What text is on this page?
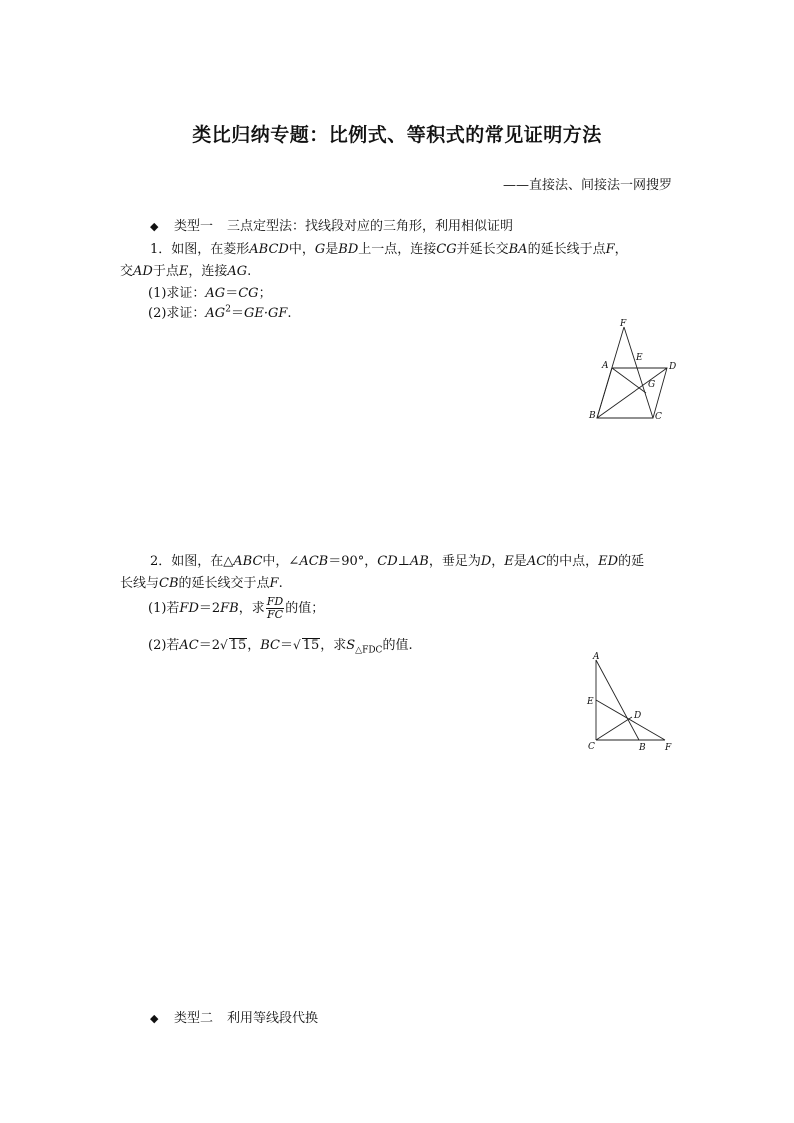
类比归纳专题：比例式、等积式的常见证明方法
——直接法、间接法一网搜罗
◆ 类型一 三点定型法：找线段对应的三角形，利用相似证明
1．如图，在菱形ABCD中，G是BD上一点，连接CG并延长交BA的延长线于点F，
交AD于点E，连接AG.
(1)求证：AG＝CG；
(2)求证：$AG^2=GE\cdot GF$.
F
A
E
D
G
B	C
2．如图，在△ABC中，∠ACB＝90°，CD⊥AB，垂足为D，E是AC的中点，ED的延
长线与CB的延长线交于点F.
(1)若FD＝2FB，求 $\frac{FD}{FC}$ 的值；
(2)若AC＝2√ 15，BC＝√ 15，求$S_{\triangle FDC}$的值.
A
E
D
C	B F
◆ 类型二 利用等线段代换
